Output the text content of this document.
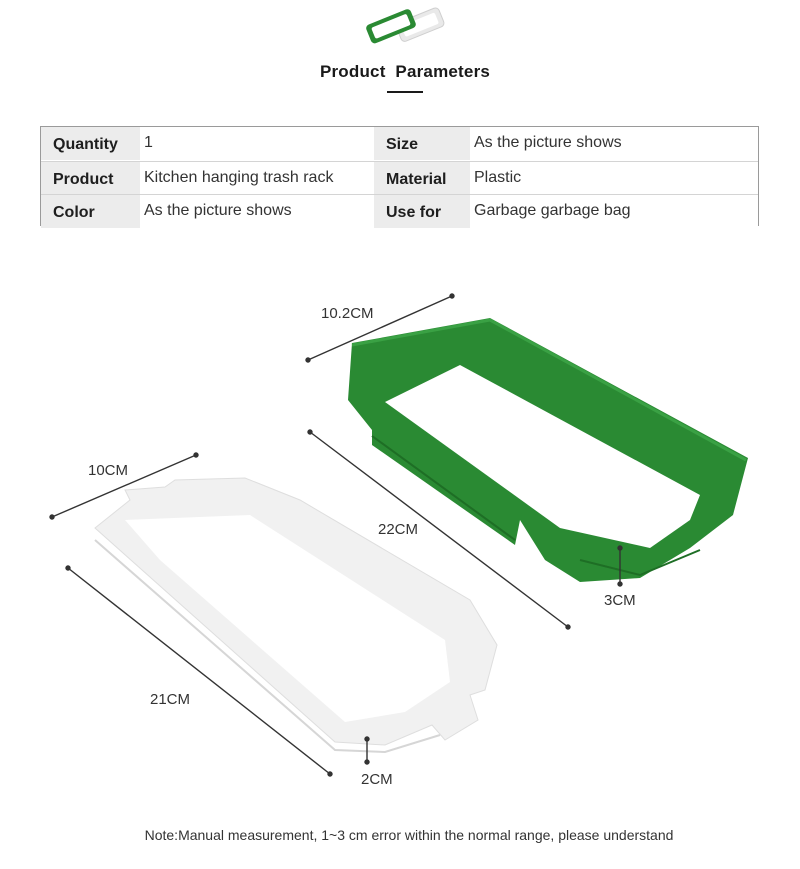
Product  Parameters
Quantity	1	Size	As the picture shows
Product	Kitchen hanging trash rack	Material	Plastic
Color	As the picture shows	Use for	Garbage garbage bag
10.2CM
22CM
3CM
10CM
21CM
2CM
Note:Manual measurement, 1~3 cm error within the normal range, please understand
